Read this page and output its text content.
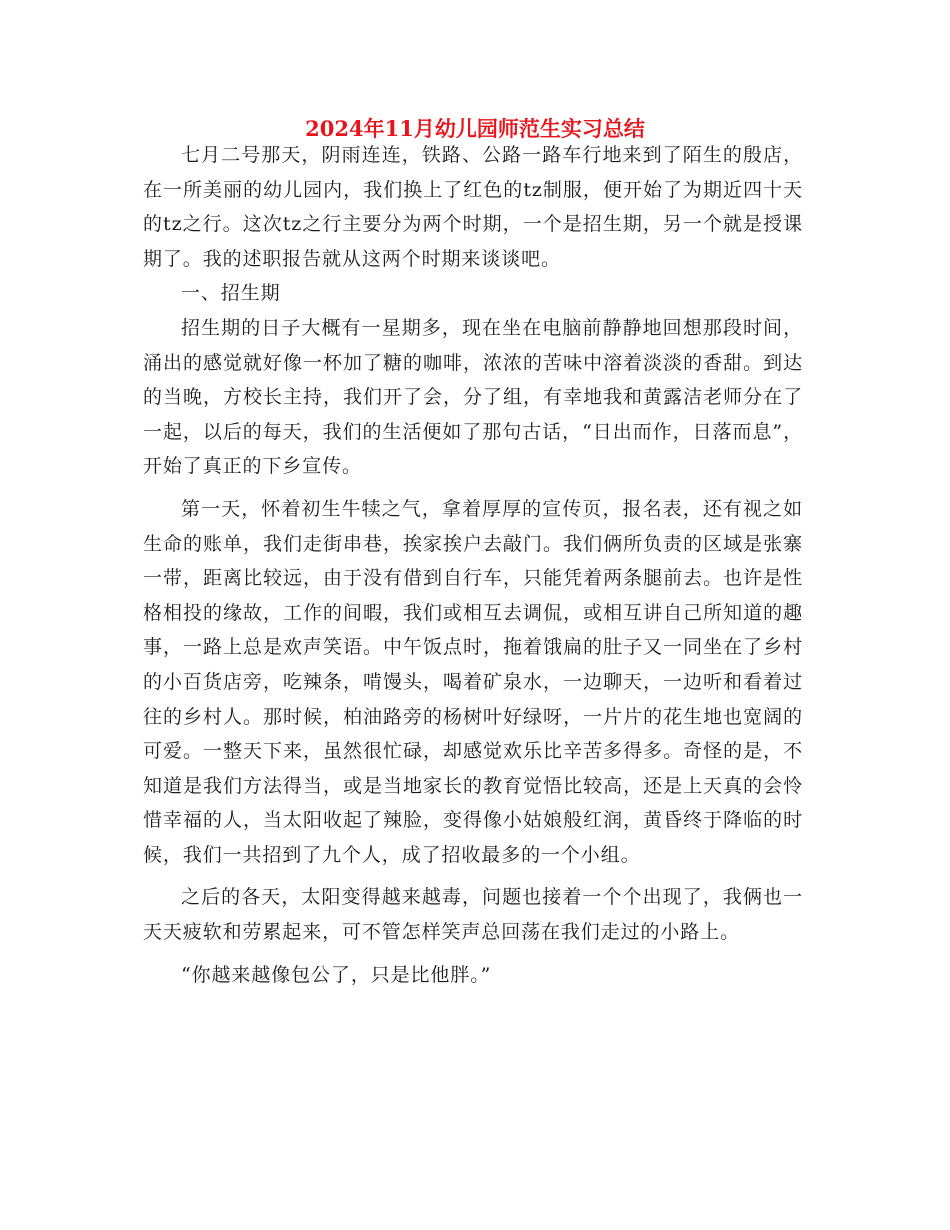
2024年11月幼儿园师范生实习总结

七月二号那天，阴雨连连，铁路、公路一路车行地来到了陌生的殷店，在一所美丽的幼儿园内，我们换上了红色的tz制服，便开始了为期近四十天的tz之行。这次tz之行主要分为两个时期，一个是招生期，另一个就是授课期了。我的述职报告就从这两个时期来谈谈吧。

一、招生期

招生期的日子大概有一星期多，现在坐在电脑前静静地回想那段时间，涌出的感觉就好像一杯加了糖的咖啡，浓浓的苦味中溶着淡淡的香甜。到达的当晚，方校长主持，我们开了会，分了组，有幸地我和黄露洁老师分在了一起，以后的每天，我们的生活便如了那句古话，“日出而作，日落而息”，开始了真正的下乡宣传。

第一天，怀着初生牛犊之气，拿着厚厚的宣传页，报名表，还有视之如生命的账单，我们走街串巷，挨家挨户去敲门。我们俩所负责的区域是张寨一带，距离比较远，由于没有借到自行车，只能凭着两条腿前去。也许是性格相投的缘故，工作的间暇，我们或相互去调侃，或相互讲自己所知道的趣事，一路上总是欢声笑语。中午饭点时，拖着饿扁的肚子又一同坐在了乡村的小百货店旁，吃辣条，啃馒头，喝着矿泉水，一边聊天，一边听和看着过往的乡村人。那时候，柏油路旁的杨树叶好绿呀，一片片的花生地也宽阔的可爱。一整天下来，虽然很忙碌，却感觉欢乐比辛苦多得多。奇怪的是，不知道是我们方法得当，或是当地家长的教育觉悟比较高，还是上天真的会怜惜幸福的人，当太阳收起了辣脸，变得像小姑娘般红润，黄昏终于降临的时候，我们一共招到了九个人，成了招收最多的一个小组。

之后的各天，太阳变得越来越毒，问题也接着一个个出现了，我俩也一天天疲软和劳累起来，可不管怎样笑声总回荡在我们走过的小路上。

“你越来越像包公了，只是比他胖。”
